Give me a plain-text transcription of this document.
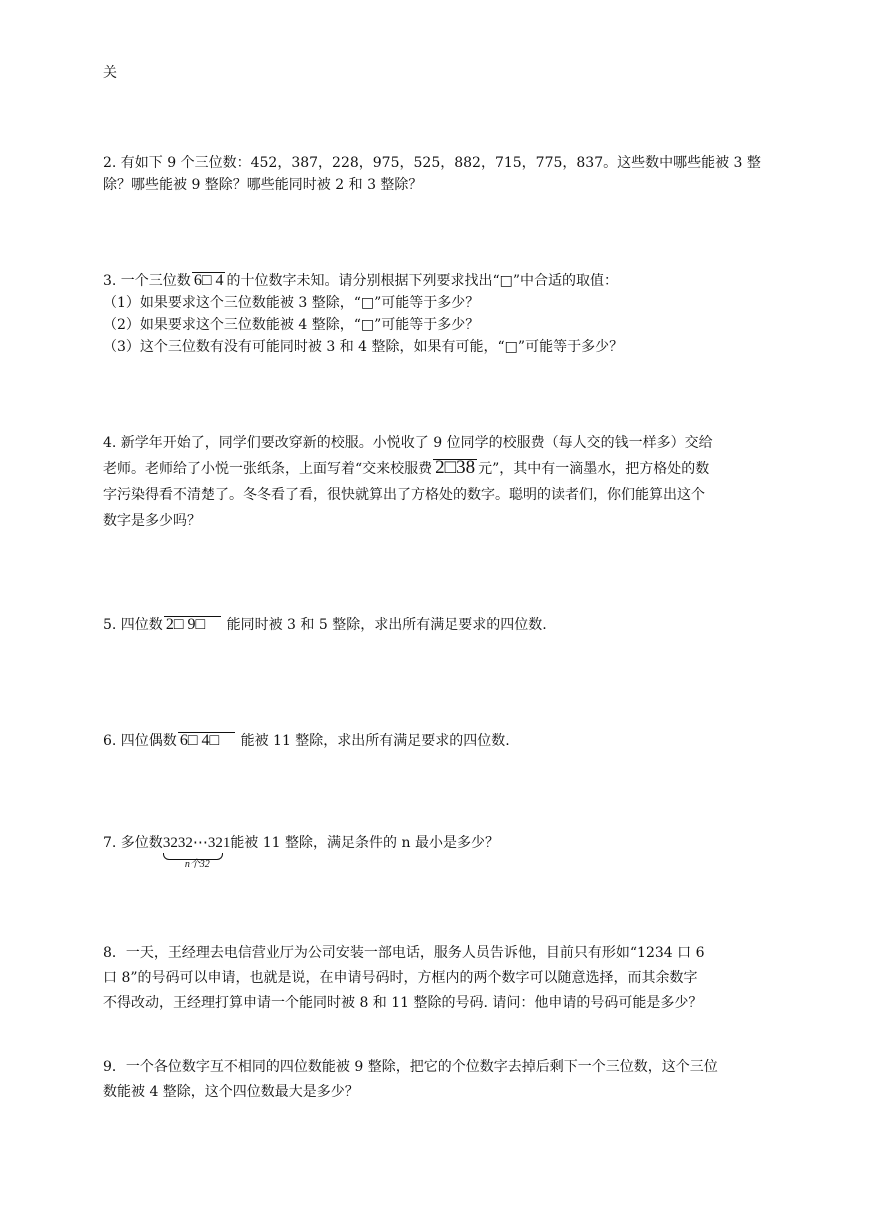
关
2. 有如下 9 个三位数：452，387，228，975，525，882，715，775，837。这些数中哪些能被 3 整
除？哪些能被 9 整除？哪些能同时被 2 和 3 整除？
3. 一个三位数 6□ 4 的十位数字未知。请分别根据下列要求找出“□”中合适的取值：
（1）如果要求这个三位数能被 3 整除，“□”可能等于多少？
（2）如果要求这个三位数能被 4 整除，“□”可能等于多少？
（3）这个三位数有没有可能同时被 3 和 4 整除，如果有可能，“□”可能等于多少？
4. 新学年开始了，同学们要改穿新的校服。小悦收了 9 位同学的校服费（每人交的钱一样多）交给
老师。老师给了小悦一张纸条，上面写着“交来校服费 2□38 元”，其中有一滴墨水，把方格处的数
字污染得看不清楚了。冬冬看了看，很快就算出了方格处的数字。聪明的读者们，你们能算出这个
数字是多少吗？
5. 四位数 2□ 9□ 能同时被 3 和 5 整除，求出所有满足要求的四位数.
6. 四位偶数 6□ 4□ 能被 11 整除，求出所有满足要求的四位数.
7. 多位数3232⋯32
n个32
1能被 11 整除，满足条件的 n 最小是多少？
8．一天，王经理去电信营业厅为公司安装一部电话，服务人员告诉他，目前只有形如“1234 口 6
口 8”的号码可以申请，也就是说，在申请号码时，方框内的两个数字可以随意选择，而其余数字
不得改动，王经理打算申请一个能同时被 8 和 11 整除的号码. 请问：他申请的号码可能是多少？
9．一个各位数字互不相同的四位数能被 9 整除，把它的个位数字去掉后剩下一个三位数，这个三位
数能被 4 整除，这个四位数最大是多少？
